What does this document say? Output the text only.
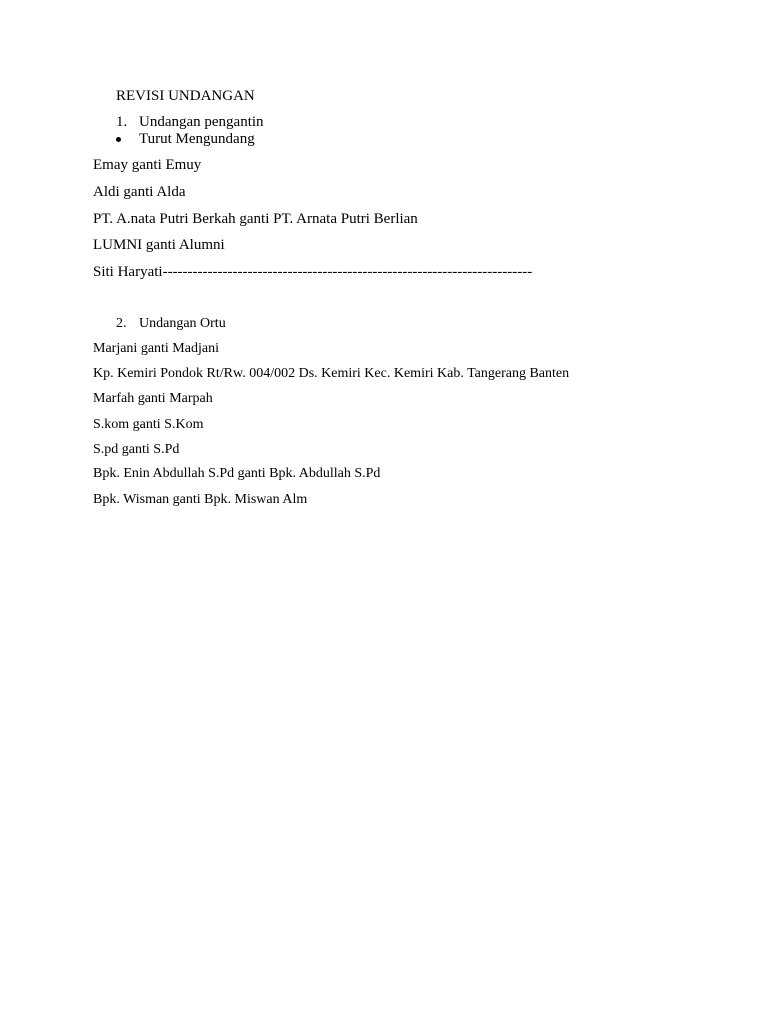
REVISI UNDANGAN
1. Undangan pengantin
Turut Mengundang
Emay ganti Emuy
Aldi ganti Alda
PT. A.nata Putri Berkah ganti PT. Arnata Putri Berlian
LUMNI ganti Alumni
Siti Haryati--------------------------------------------------------------------------
2. Undangan Ortu
Marjani ganti Madjani
Kp. Kemiri Pondok Rt/Rw. 004/002 Ds. Kemiri Kec. Kemiri Kab. Tangerang Banten
Marfah ganti Marpah
S.kom ganti S.Kom
S.pd ganti S.Pd
Bpk. Enin Abdullah S.Pd ganti Bpk. Abdullah S.Pd
Bpk. Wisman ganti Bpk. Miswan Alm
